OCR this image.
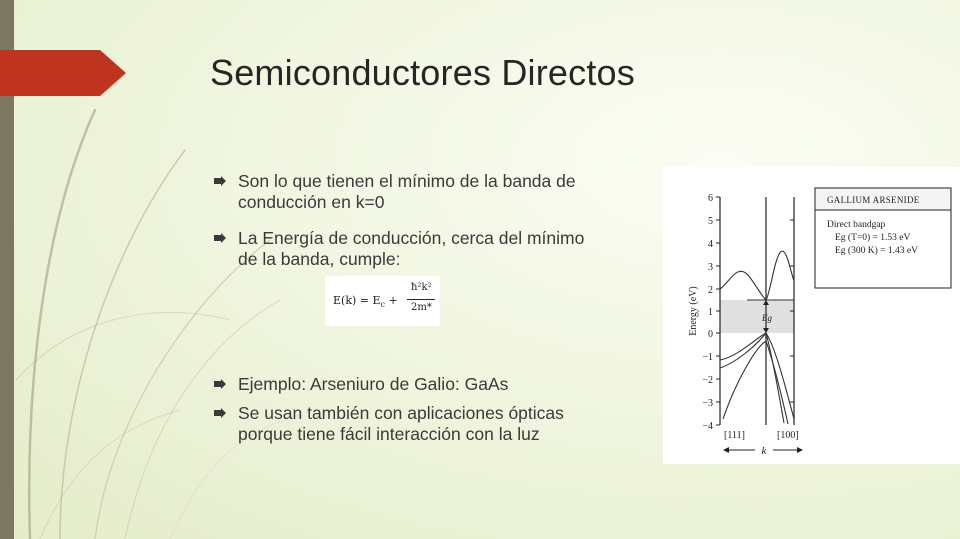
Semiconductores Directos
Son lo que tienen el mínimo de la banda de
conducción en k=0
La Energía de conducción, cerca del mínimo
de la banda, cumple:
Ejemplo: Arseniuro de Galio: GaAs
Se usan también con aplicaciones ópticas
porque tiene fácil interacción con la luz
$E(k) = E_c$ +
ħ²k²
2m*
6
5
4
3
2
1
0
−1
−2
−3
−4
Energy (eV)	Eg
[111]	[100]
k
GALLIUM ARSENIDE
Direct bandgap
Eg (T=0) = 1.53 eV
Eg (300 K) = 1.43 eV
